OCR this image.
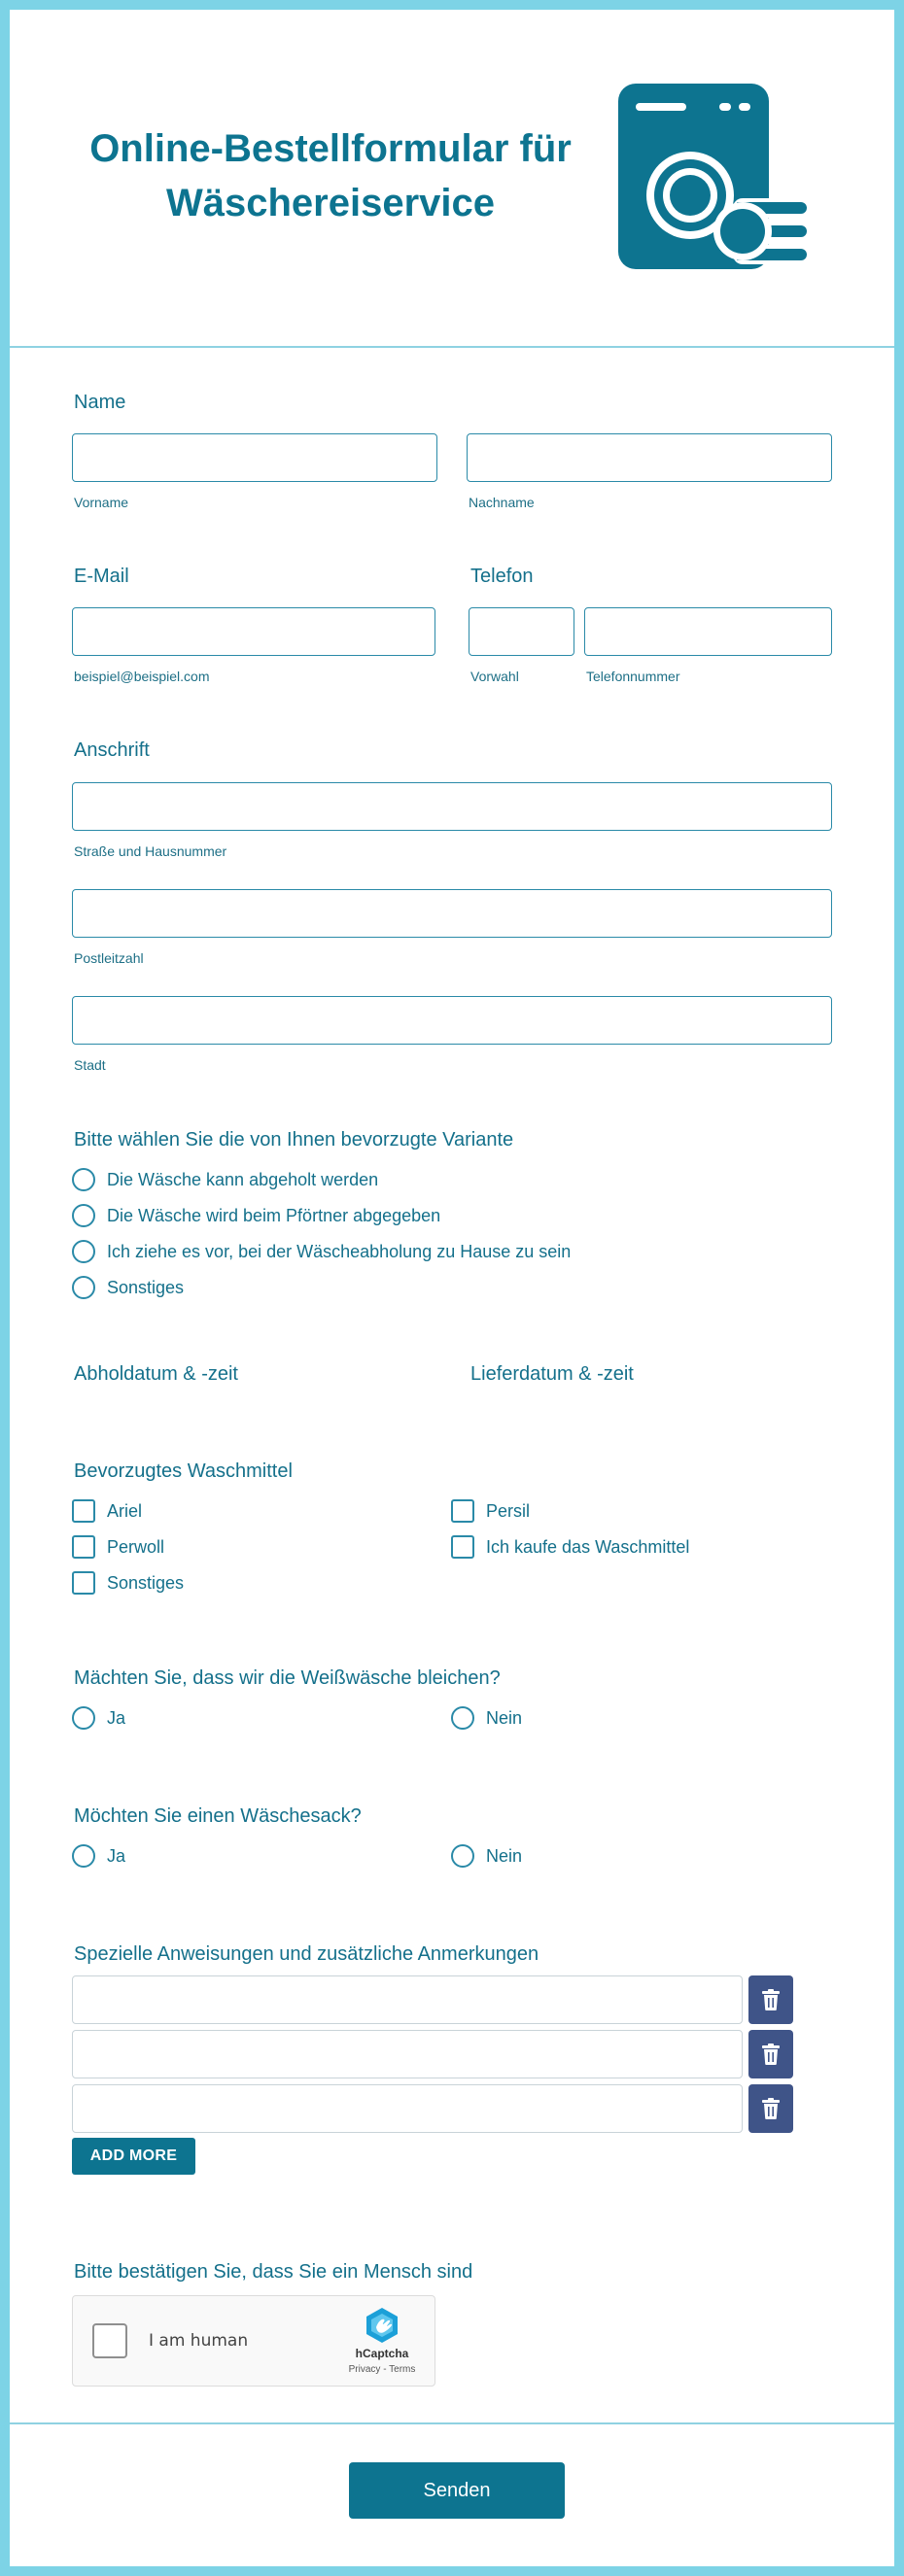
Online-Bestellformular für
Wäschereiservice
Name
Vorname	Nachname
E-Mail
beispiel@beispiel.com
Telefon
Vorwahl	Telefonnummer
Anschrift
Straße und Hausnummer
Postleitzahl
Stadt
Bitte wählen Sie die von Ihnen bevorzugte Variante
Die Wäsche kann abgeholt werden
Die Wäsche wird beim Pförtner abgegeben
Ich ziehe es vor, bei der Wäscheabholung zu Hause zu sein
Sonstiges
Abholdatum & -zeit	Lieferdatum & -zeit
Bevorzugtes Waschmittel
Ariel	Persil
Perwoll	Ich kaufe das Waschmittel
Sonstiges
Mächten Sie, dass wir die Weißwäsche bleichen?
Ja	Nein
Möchten Sie einen Wäschesack?
Ja	Nein
Spezielle Anweisungen und zusätzliche Anmerkungen
ADD MORE
Bitte bestätigen Sie, dass Sie ein Mensch sind
I am human
hCaptcha
Privacy - Terms
Senden
